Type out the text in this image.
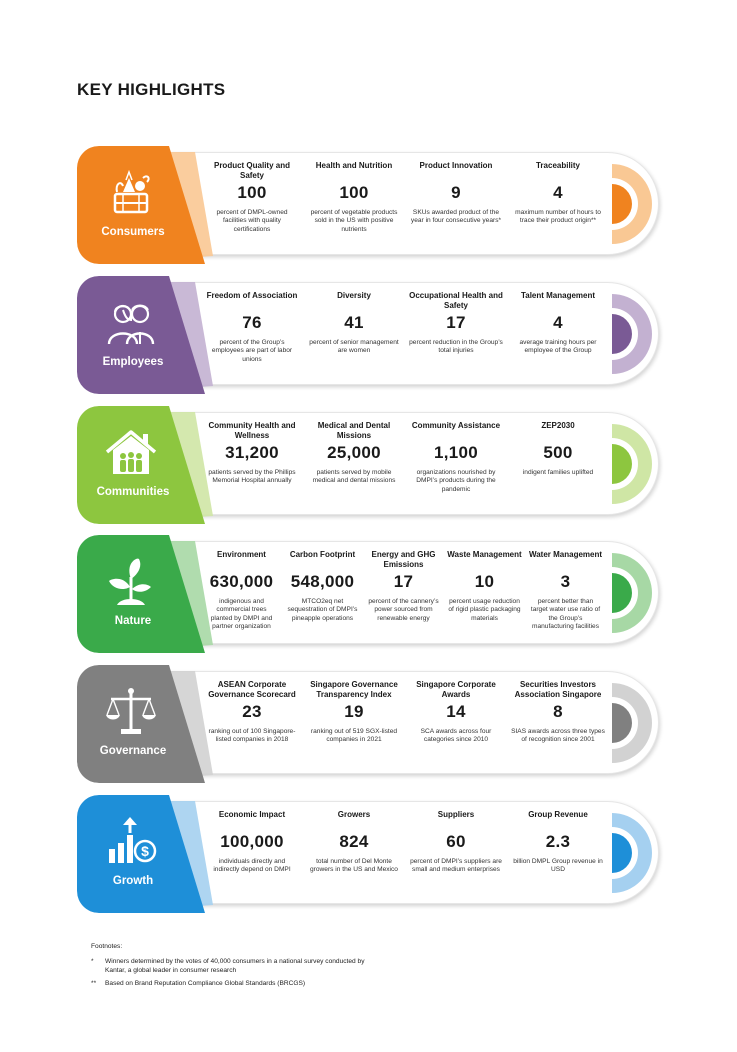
KEY HIGHLIGHTS
Consumers
Product Quality and Safety
100
percent of DMPL-owned facilities with quality certifications
Health and Nutrition
100
percent of vegetable products sold in the US with positive nutrients
Product Innovation
9
SKUs awarded product of the year in four consecutive years*
Traceability
4
maximum number of hours to trace their product origin**
Employees
Freedom of Association
76
percent of the Group’s employees are part of labor unions
Diversity
41
percent of senior management are women
Occupational Health and Safety
17
percent reduction in the Group’s total injuries
Talent Management
4
average training hours per employee of the Group
Communities
Community Health and Wellness
31,200
patients served by the Phillips Memorial Hospital annually
Medical and Dental Missions
25,000
patients served by mobile medical and dental missions
Community Assistance
1,100
organizations nourished by DMPI’s products during the pandemic
ZEP2030
500
indigent families uplifted
Nature
Environment
630,000
indigenous and commercial trees planted by DMPI and partner organization
Carbon Footprint
548,000
MTCO2eq net sequestration of DMPI’s pineapple operations
Energy and GHG Emissions
17
percent of the cannery’s power sourced from renewable energy
Waste Management
10
percent usage reduction of rigid plastic packaging materials
Water Management
3
percent better than target water use ratio of the Group’s manufacturing facilities
Governance
ASEAN Corporate Governance Scorecard
23
ranking out of 100 Singapore-listed companies in 2018
Singapore Governance Transparency Index
19
ranking out of 519 SGX-listed companies in 2021
Singapore Corporate Awards
14
SCA awards across four categories since 2010
Securities Investors Association Singapore
8
SIAS awards across three types of recognition since 2001
$
Growth
Economic Impact
100,000
individuals directly and indirectly depend on DMPI
Growers
824
total number of Del Monte growers in the US and Mexico
Suppliers
60
percent of DMPI’s suppliers are small and medium enterprises
Group Revenue
2.3
billion DMPL Group revenue in USD
Footnotes:
* Winners determined by the votes of 40,000 consumers in a national survey conducted by Kantar, a global leader in consumer research
** Based on Brand Reputation Compliance Global Standards (BRCGS)
